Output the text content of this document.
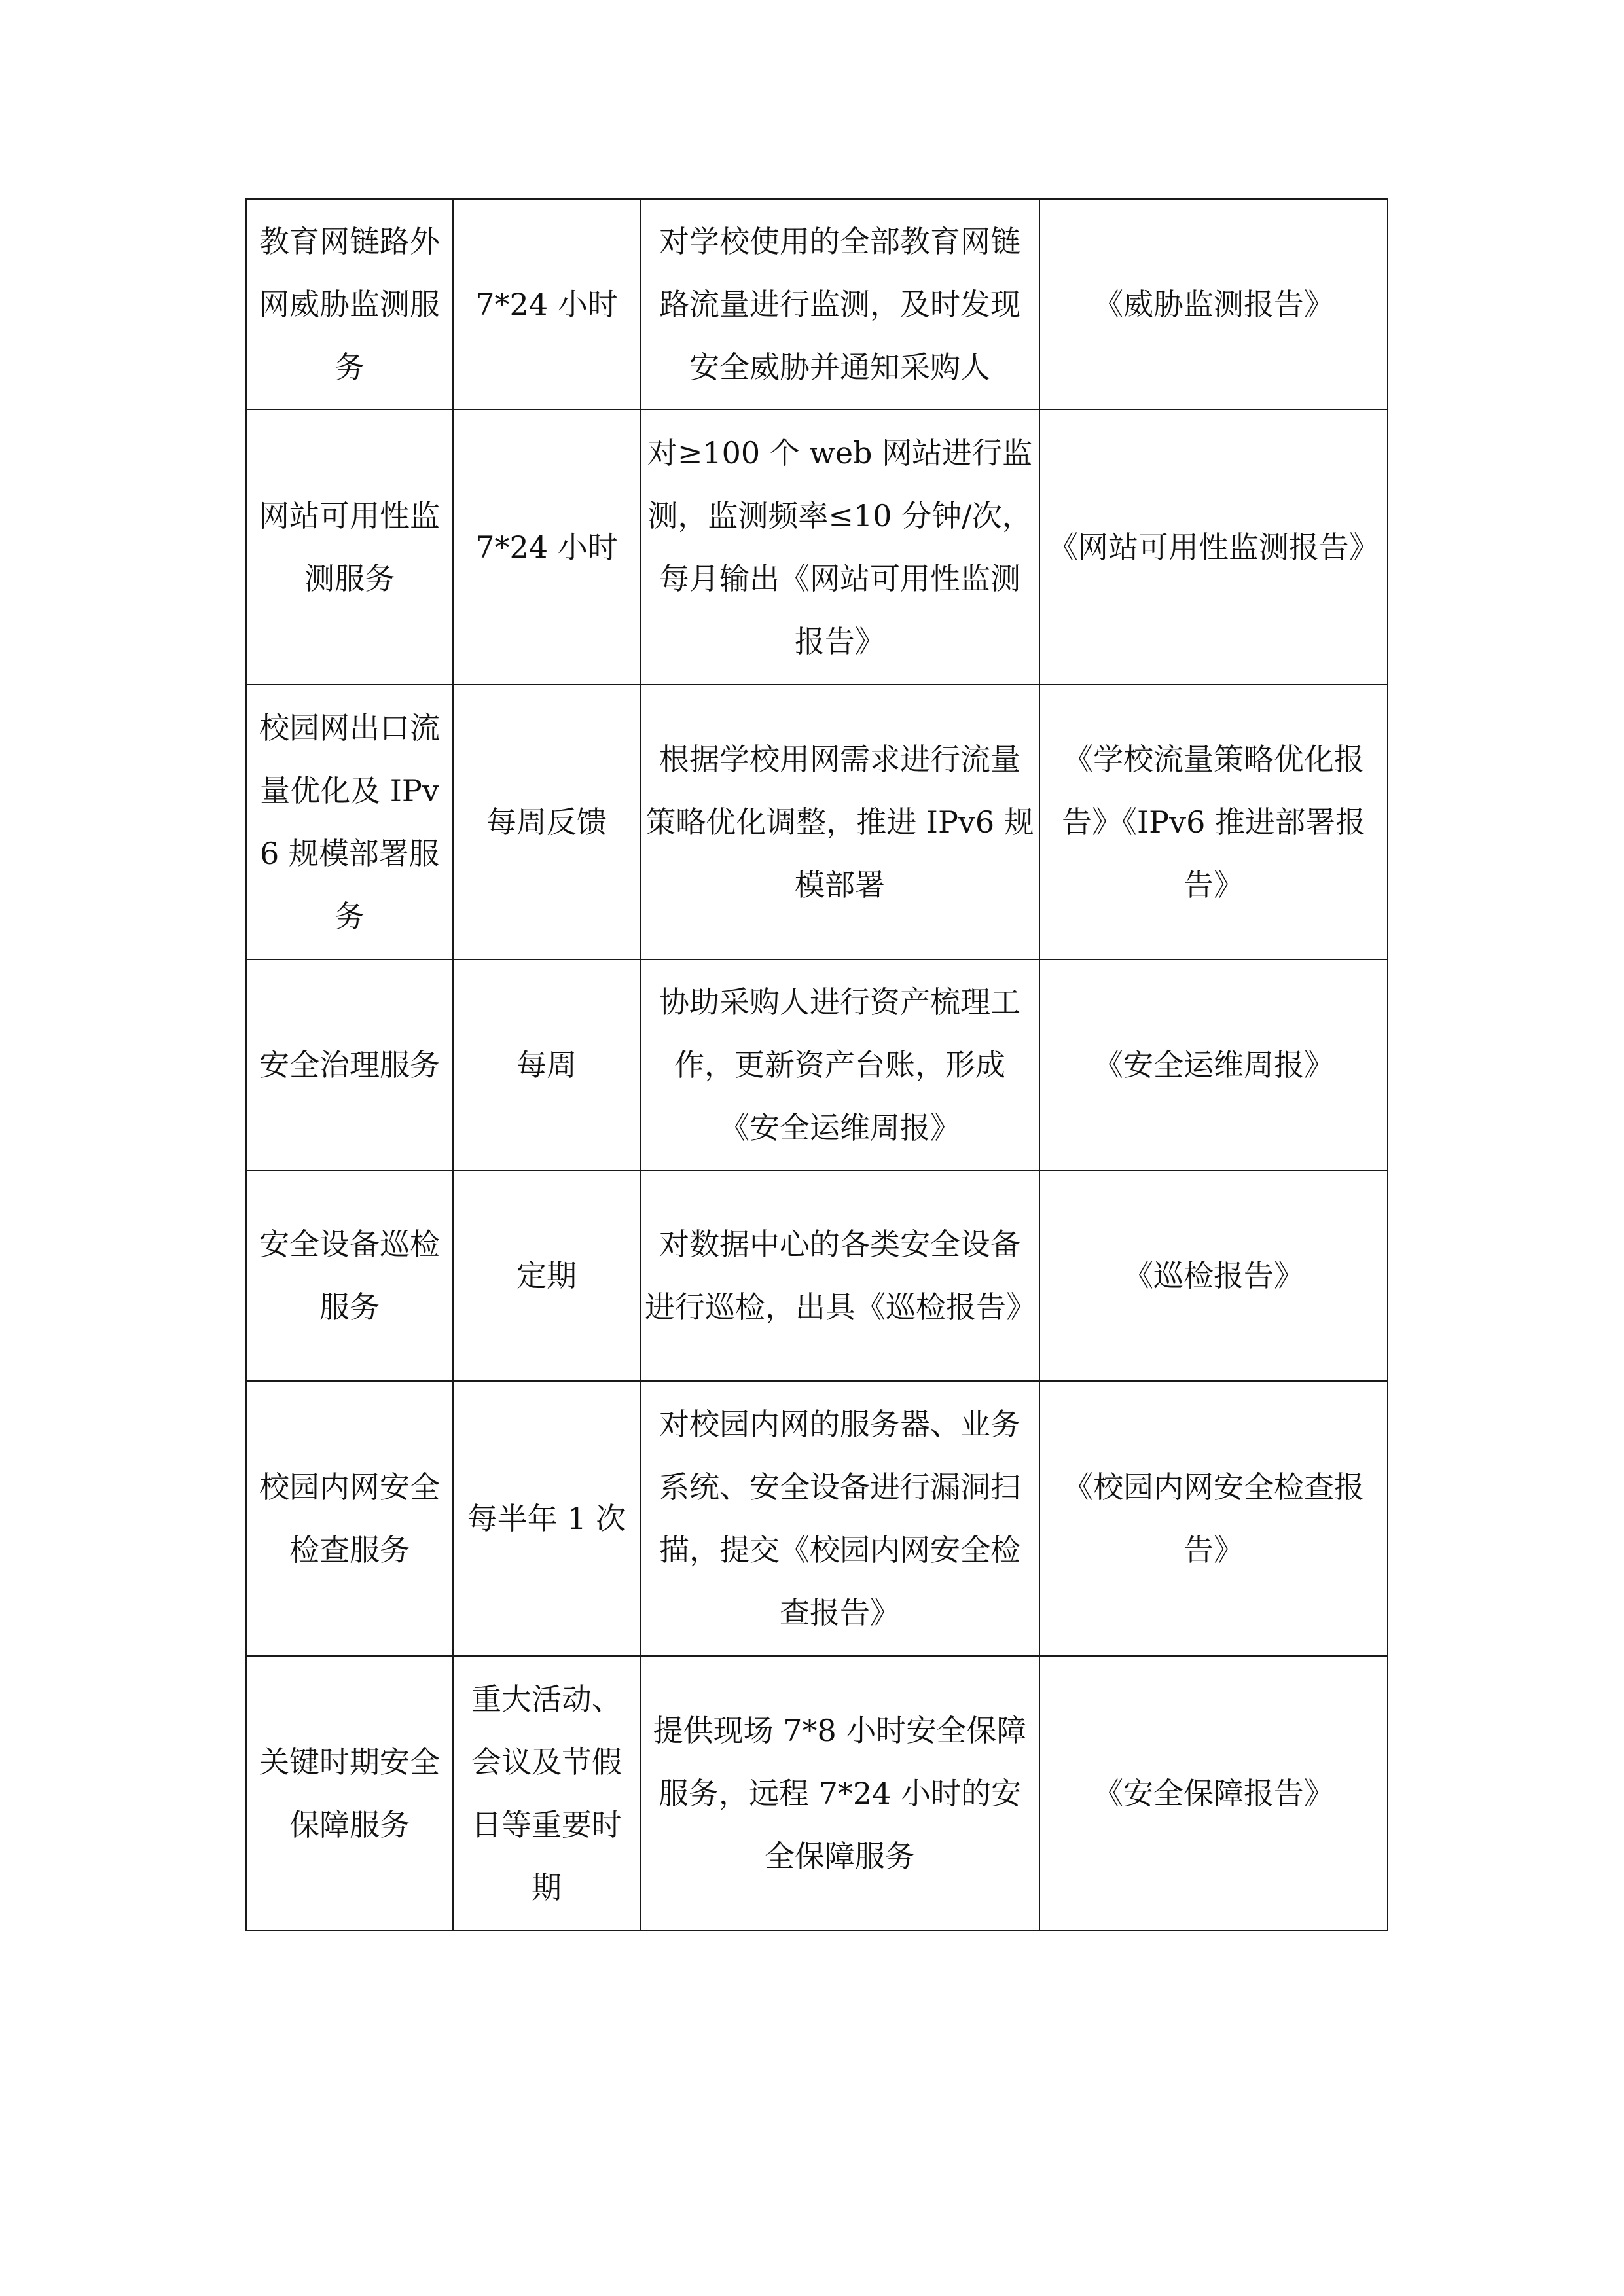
教育网链路外网威胁监测服务	7*24 小时	对学校使用的全部教育网链路流量进行监测，及时发现安全威胁并通知采购人	《威胁监测报告》
网站可用性监测服务	7*24 小时	对≥100 个 web 网站进行监测，监测频率≤10 分钟/次，每月输出《网站可用性监测报告》	《网站可用性监测报告》
校园网出口流量优化及 IPv6 规模部署服务	每周反馈	根据学校用网需求进行流量策略优化调整，推进 IPv6 规模部署	《学校流量策略优化报告》《IPv6 推进部署报告》
安全治理服务	每周	协助采购人进行资产梳理工作，更新资产台账，形成《安全运维周报》	《安全运维周报》
安全设备巡检服务	定期	对数据中心的各类安全设备进行巡检，出具《巡检报告》	《巡检报告》
校园内网安全检查服务	每半年 1 次	对校园内网的服务器、业务系统、安全设备进行漏洞扫描，提交《校园内网安全检查报告》	《校园内网安全检查报告》
关键时期安全保障服务	重大活动、会议及节假日等重要时期	提供现场 7*8 小时安全保障服务，远程 7*24 小时的安全保障服务	《安全保障报告》
